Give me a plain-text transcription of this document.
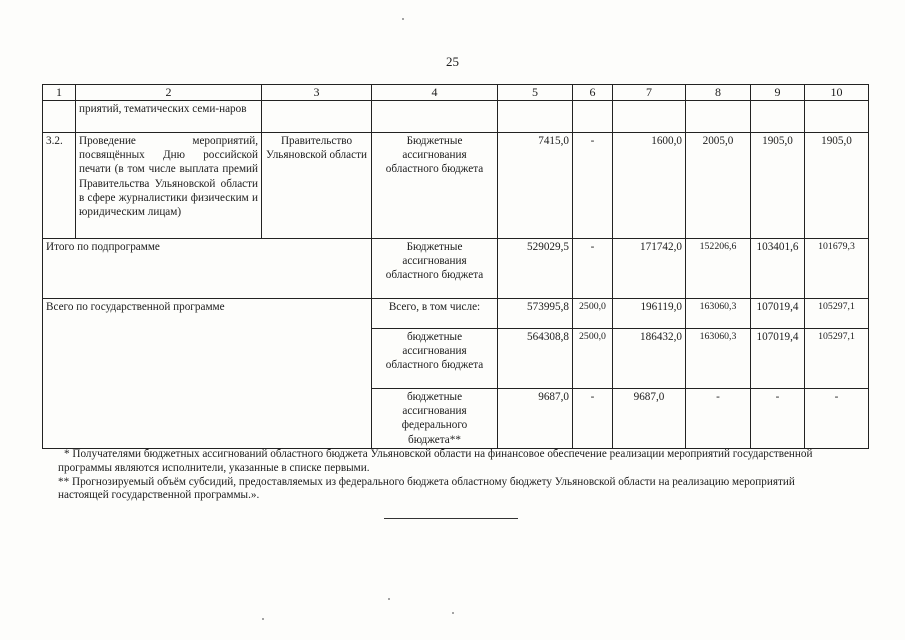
25
1	2	3	4	5	6	7	8	9	10
	приятий, тематических семи-наров								
3.2.	Проведение мероприятий, посвящённых Дню российской печати (в том числе выплата премий Правительства Ульяновской области в сфере журналистики физическим и юридическим лицам)	Правительство Ульяновской области	Бюджетные ассигнования областного бюджета	7415,0	-	1600,0	2005,0	1905,0	1905,0
Итого по подпрограмме			Бюджетные ассигнования областного бюджета	529029,5	-	171742,0	152206,6	103401,6	101679,3
Всего по государственной программе			Всего, в том числе:	573995,8	2500,0	196119,0	163060,3	107019,4	105297,1
			бюджетные ассигнования областного бюджета	564308,8	2500,0	186432,0	163060,3	107019,4	105297,1
			бюджетные ассигнования федерального бюджета**	9687,0	-	9687,0	-	-	-
* Получателями бюджетных ассигнований областного бюджета Ульяновской области на финансовое обеспечение реализации мероприятий государственной программы являются исполнители, указанные в списке первыми.
** Прогнозируемый объём субсидий, предоставляемых из федерального бюджета областному бюджету Ульяновской области на реализацию мероприятий настоящей государственной программы.».
